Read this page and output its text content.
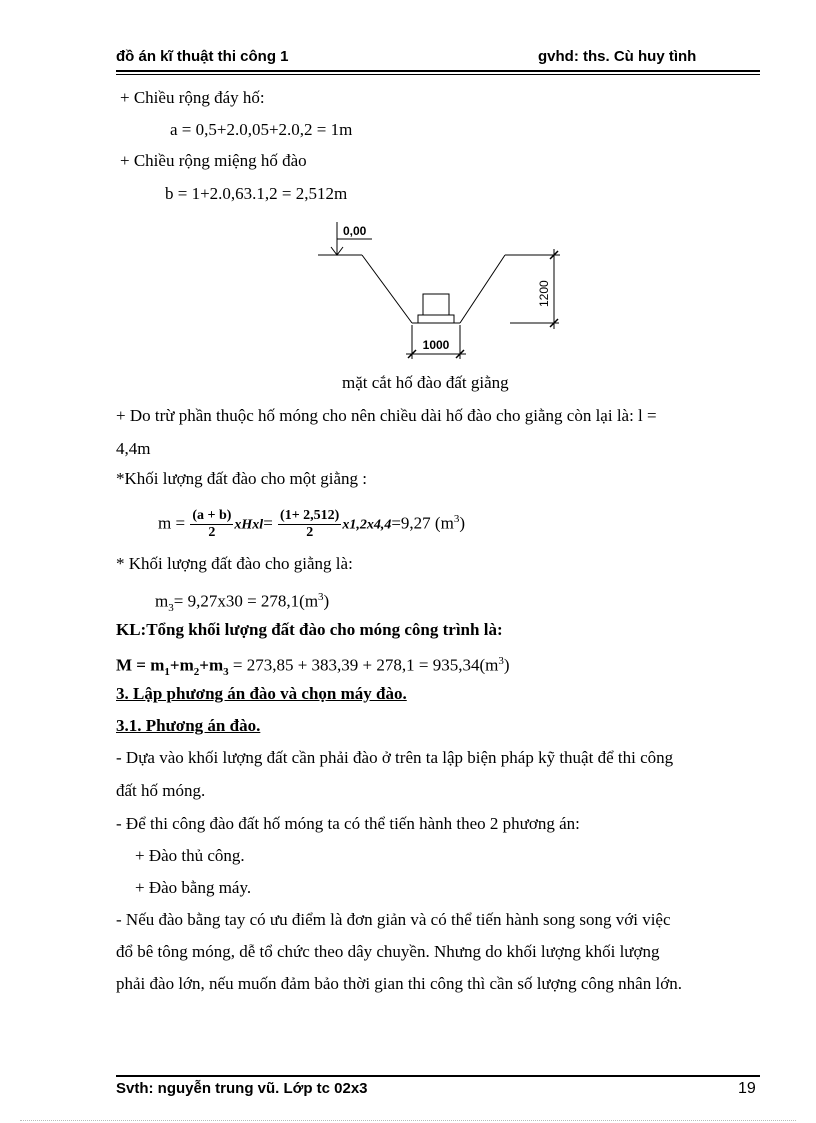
đồ án kĩ thuật thi công 1	gvhd: ths. Cù huy tình
+ Chiều rộng đáy hố:
a = 0,5+2.0,05+2.0,2 = 1m
+ Chiều rộng miệng hố đào
b = 1+2.0,63.1,2 = 2,512m
0,00
1200
1000
mặt cắt hố đào đất giằng
+ Do trừ phần thuộc hố móng cho nên chiều dài hố đào cho giằng còn lại là: l =
4,4m
*Khối lượng đất đào cho một giằng :
$m = \frac{(a + b)}{2}$ xHxl= $\frac{(1+ 2,512)}{2} x1,2x4,4=9,27$ $(m^3)$
* Khối lượng đất đào cho giằng là:
$m_3= 9,27x30 = 278,1(m^3)$
KL:Tổng khối lượng đất đào cho móng công trình là:
$M = m_1+m_2+m_3 = 273,85 + 383,39 + 278,1 = 935,34(m^3)$
3. Lập phương án đào và chọn máy đào.
3.1. Phương án đào.
- Dựa vào khối lượng đất cần phải đào ở trên ta lập biện pháp kỹ thuật để thi công
đất hố móng.
- Để thi công đào đất hố móng ta có thể tiến hành theo 2 phương án:
+ Đào thủ công.
+ Đào bằng máy.
- Nếu đào bằng tay có ưu điểm là đơn giản và có thể tiến hành song song với việc
đổ bê tông móng, dễ tổ chức theo dây chuyền. Nhưng do khối lượng khối lượng
phải đào lớn, nếu muốn đảm bảo thời gian thi công thì cần số lượng công nhân lớn.
Svth: nguyễn trung vũ. Lớp tc 02x3	19
